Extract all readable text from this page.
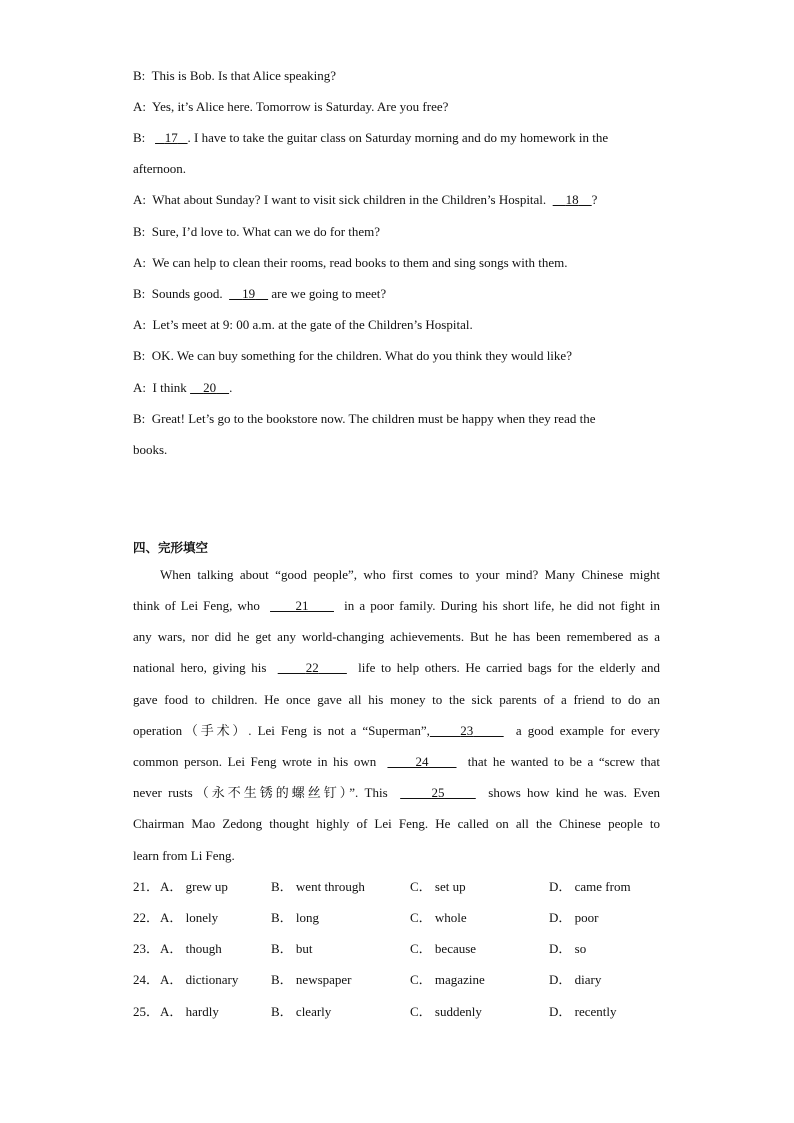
B: This is Bob. Is that Alice speaking?
A: Yes, it’s Alice here. Tomorrow is Saturday. Are you free?
B: 17 . I have to take the guitar class on Saturday morning and do my homework in the
afternoon.
A: What about Sunday? I want to visit sick children in the Children’s Hospital.      18 ?
B: Sure, I’d love to. What can we do for them?
A: We can help to clean their rooms, read books to them and sing songs with them.
B: Sounds good.      19     are we going to meet?
A: Let’s meet at 9: 00 a.m. at the gate of the Children’s Hospital.
B: OK. We can buy something for the children. What do you think they would like?
A: I think     20 .
B: Great! Let’s go to the bookstore now. The children must be happy when they read the
books.
四、完形填空
When talking about “good people”, who first comes to your mind? Many Chinese might
think of Lei Feng, who       21       in a poor family. During his short life, he did not fight in
any wars, nor did he get any world-changing achievements. But he has been remembered as a
national hero, giving his	22	life to help others. He carried bags for the elderly and
gave food to children. He once gave all his money to the sick parents of a friend to do an
operation（手术）. Lei Feng is not a “Superman”, 23	a good example for every
common person. Lei Feng wrote in his own	24	that he wanted to be a “screw that
never rusts（永不生锈的螺丝钉）”. This	25	shows how kind he was. Even
Chairman Mao Zedong thought highly of Lei Feng. He called on all the Chinese people to
learn from Li Feng.
21． A． grew up	B． went through	C． set up	D． came from
22． A． lonely	B． long	C． whole	D． poor
23． A． though	B． but	C． because	D． so
24． A． dictionary	B． newspaper	C． magazine	D． diary
25． A． hardly	B． clearly	C． suddenly	D． recently
